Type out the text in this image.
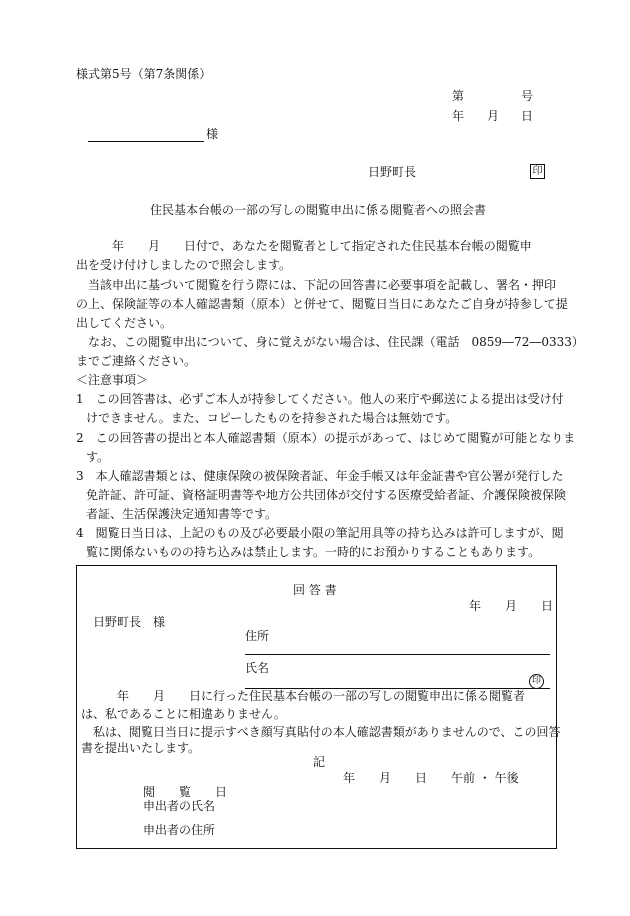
様式第5号（第7条関係）
第	号
年 月 日
様
日野町長	印
住民基本台帳の一部の写しの閲覧申出に係る閲覧者への照会書
　　　年　　月　　日付で、あなたを閲覧者として指定された住民基本台帳の閲覧申
出を受け付けしましたので照会します。
　当該申出に基づいて閲覧を行う際には、下記の回答書に必要事項を記載し、署名・押印
の上、保険証等の本人確認書類（原本）と併せて、閲覧日当日にあなたご自身が持参して提
出してください。
　なお、この閲覧申出について、身に覚えがない場合は、住民課（電話　0859―72―0333）
までご連絡ください。
＜注意事項＞
1　この回答書は、必ずご本人が持参してください。他人の来庁や郵送による提出は受け付
けできません。また、コピーしたものを持参された場合は無効です。
2　この回答書の提出と本人確認書類（原本）の提示があって、はじめて閲覧が可能となりま
す。
3　本人確認書類とは、健康保険の被保険者証、年金手帳又は年金証書や官公署が発行した
免許証、許可証、資格証明書等や地方公共団体が交付する医療受給者証、介護保険被保険
者証、生活保護決定通知書等です。
4　閲覧日当日は、上記のもの及び必要最小限の筆記用具等の持ち込みは許可しますが、閲
覧に関係ないものの持ち込みは禁止します。一時的にお預かりすることもあります。
回 答 書
年 月 日
日野町長　様
住所
氏名
印
　　　年　　月　　日に行った住民基本台帳の一部の写しの閲覧申出に係る閲覧者
は、私であることに相違ありません。
　私は、閲覧日当日に提示すべき顔写真貼付の本人確認書類がありませんので、この回答
書を提出いたします。
記
年　　月　　日　　午前 ・ 午後
閲　　覧　　日
申出者の氏名
申出者の住所
